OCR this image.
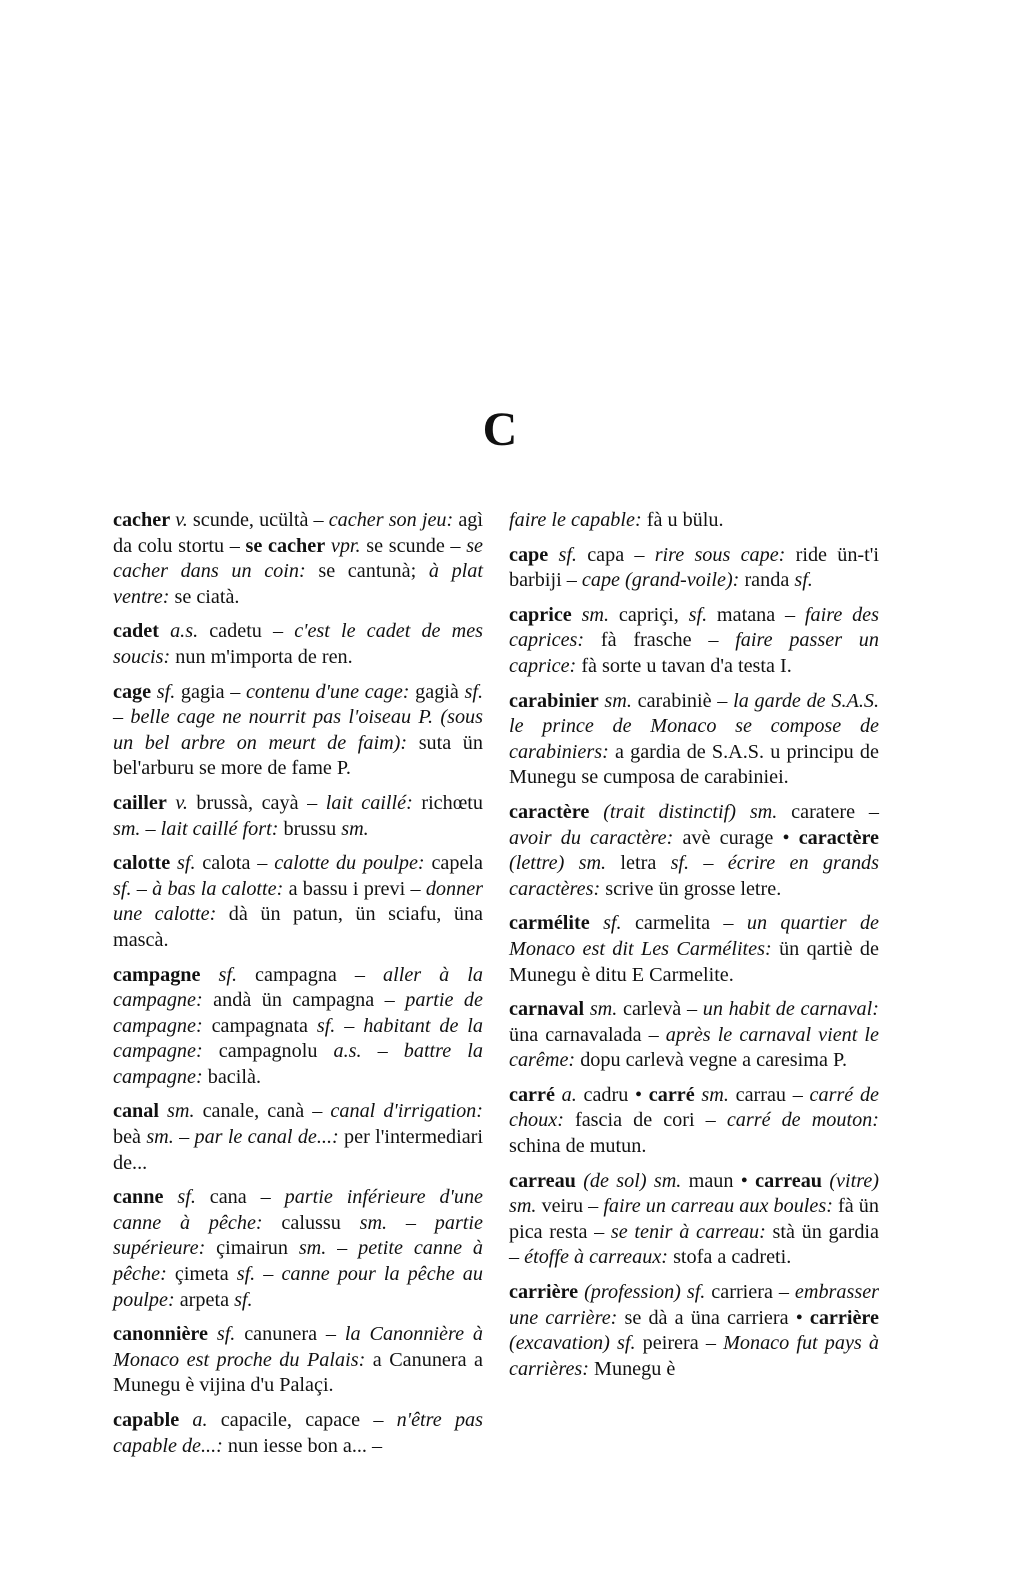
C

cacher v. scunde, ucültà – cacher son jeu: agì da colu stortu – se cacher vpr. se scunde – se cacher dans un coin: se cantunà; à plat ventre: se ciatà.

cadet a.s. cadetu – c'est le cadet de mes soucis: nun m'importa de ren.

cage sf. gagia – contenu d'une cage: gagià sf. – belle cage ne nourrit pas l'oiseau P. (sous un bel arbre on meurt de faim): suta ün bel'arburu se more de fame P.

cailler v. brussà, cayà – lait caillé: richœtu sm. – lait caillé fort: brussu sm.

calotte sf. calota – calotte du poulpe: capela sf. – à bas la calotte: a bassu i previ – donner une calotte: dà ün patun, ün sciafu, üna mascà.

campagne sf. campagna – aller à la campagne: andà ün campagna – partie de campagne: campagnata sf. – habitant de la campagne: campagnolu a.s. – battre la campagne: bacilà.

canal sm. canale, canà – canal d'irrigation: beà sm. – par le canal de...: per l'intermediari de...

canne sf. cana – partie inférieure d'une canne à pêche: calussu sm. – partie supérieure: çimairun sm. – petite canne à pêche: çimeta sf. – canne pour la pêche au poulpe: arpeta sf.

canonnière sf. canunera – la Canonnière à Monaco est proche du Palais: a Canunera a Munegu è vijina d'u Palaçi.

capable a. capacile, capace – n'être pas capable de...: nun iesse bon a... –

faire le capable: fà u bülu.

cape sf. capa – rire sous cape: ride ün-t'i barbiji – cape (grand-voile): randa sf.

caprice sm. capriçi, sf. matana – faire des caprices: fà frasche – faire passer un caprice: fà sorte u tavan d'a testa I.

carabinier sm. carabiniè – la garde de S.A.S. le prince de Monaco se compose de carabiniers: a gardia de S.A.S. u principu de Munegu se cumposa de carabiniei.

caractère (trait distinctif) sm. caratere – avoir du caractère: avè curage • caractère (lettre) sm. letra sf. – écrire en grands caractères: scrive ün grosse letre.

carmélite sf. carmelita – un quartier de Monaco est dit Les Carmélites: ün qartiè de Munegu è ditu E Carmelite.

carnaval sm. carlevà – un habit de carnaval: üna carnavalada – après le carnaval vient le carême: dopu carlevà vegne a caresima P.

carré a. cadru • carré sm. carrau – carré de choux: fascia de cori – carré de mouton: schina de mutun.

carreau (de sol) sm. maun • carreau (vitre) sm. veiru – faire un carreau aux boules: fà ün pica resta – se tenir à carreau: stà ün gardia – étoffe à carreaux: stofa a cadreti.

carrière (profession) sf. carriera – embrasser une carrière: se dà a üna carriera • carrière (excavation) sf. peirera – Monaco fut pays à carrières: Munegu è
